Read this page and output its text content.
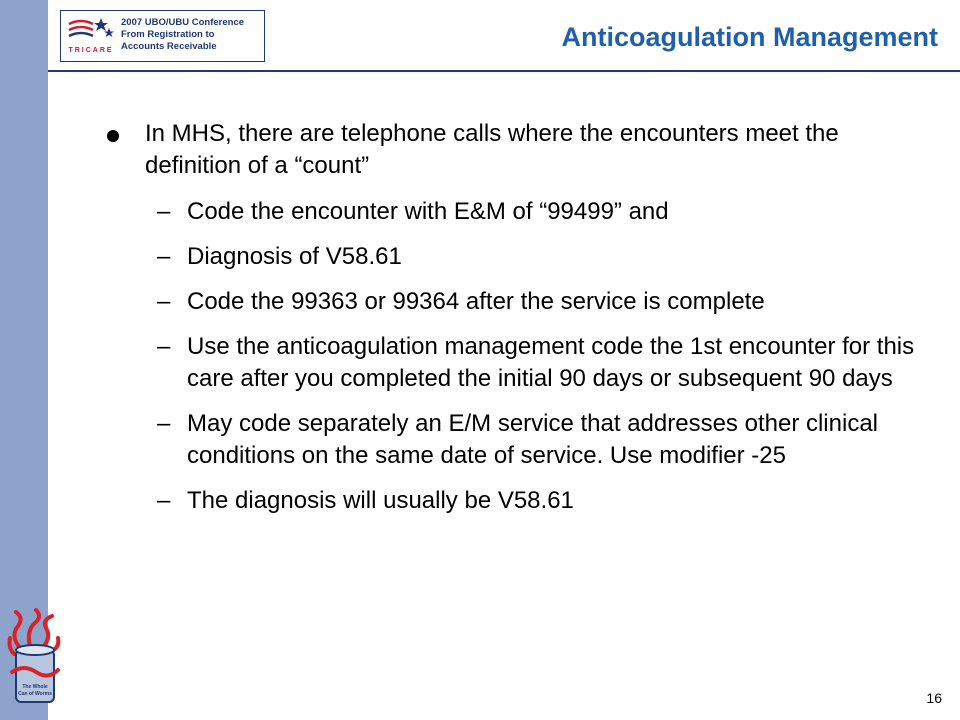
TRICARE
2007 UBO/UBU Conference
From Registration to
Accounts Receivable	Anticoagulation Management
In MHS, there are telephone calls where the encounters meet the definition of a “count”
– Code the encounter with E&M of “99499” and
– Diagnosis of V58.61
– Code the 99363 or 99364 after the service is complete
– Use the anticoagulation management code the 1st encounter for this care after you completed the initial 90 days or subsequent 90 days
– May code separately an E/M service that addresses other clinical conditions on the same date of service. Use modifier -25
– The diagnosis will usually be V58.61
The Whole
Can of Worms	16
